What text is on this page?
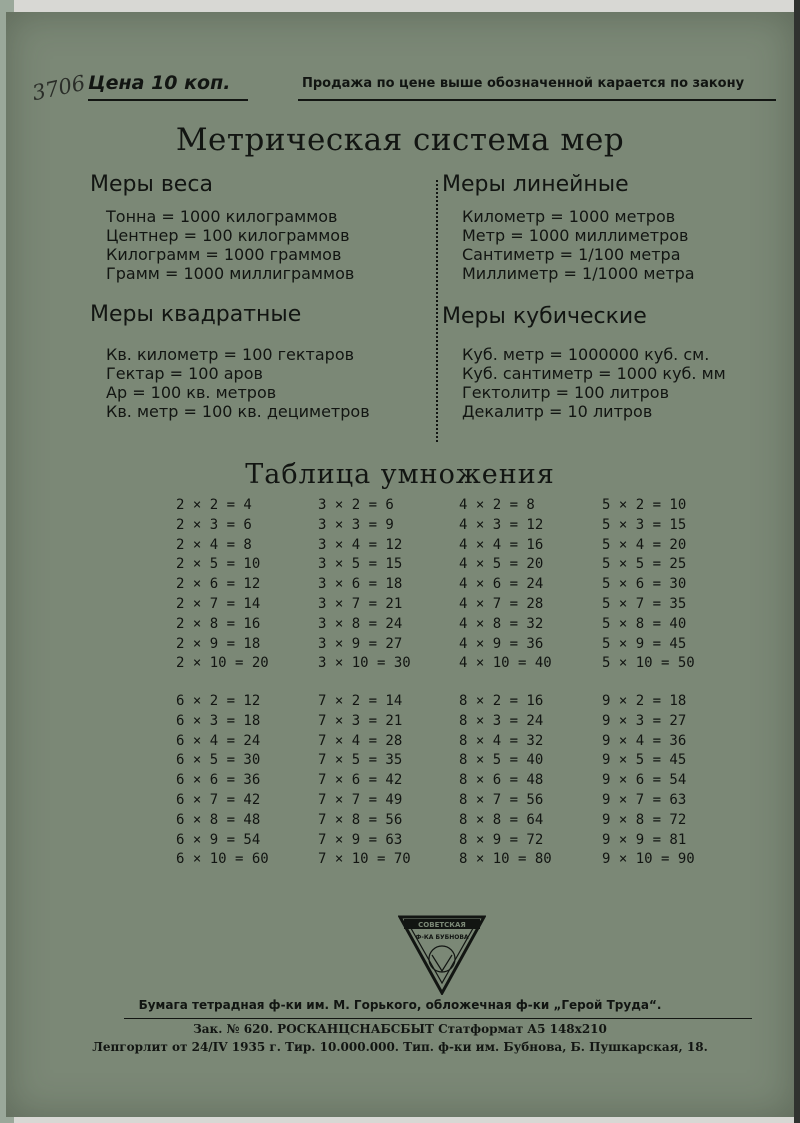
3706 Цена 10 коп.	Продажа по цене выше обозначенной карается по закону
Метрическая система мер
Меры веса
Тонна = 1000 килограммов
Центнер = 100 килограммов
Килограмм = 1000 граммов
Грамм = 1000 миллиграммов
Меры линейные
Километр = 1000 метров
Метр = 1000 миллиметров
Сантиметр = 1/100 метра
Миллиметр = 1/1000 метра
Меры квадратные
Кв. километр = 100 гектаров
Гектар = 100 аров
Ар = 100 кв. метров
Кв. метр = 100 кв. дециметров
Меры кубические
Куб. метр = 1000000 куб. см.
Куб. сантиметр = 1000 куб. мм
Гектолитр = 100 литров
Декалитр = 10 литров
Таблица умножения
2 × 2 = 4
2 × 3 = 6
2 × 4 = 8
2 × 5 = 10
2 × 6 = 12
2 × 7 = 14
2 × 8 = 16
2 × 9 = 18
2 × 10 = 20
3 × 2 = 6
3 × 3 = 9
3 × 4 = 12
3 × 5 = 15
3 × 6 = 18
3 × 7 = 21
3 × 8 = 24
3 × 9 = 27
3 × 10 = 30
4 × 2 = 8
4 × 3 = 12
4 × 4 = 16
4 × 5 = 20
4 × 6 = 24
4 × 7 = 28
4 × 8 = 32
4 × 9 = 36
4 × 10 = 40
5 × 2 = 10
5 × 3 = 15
5 × 4 = 20
5 × 5 = 25
5 × 6 = 30
5 × 7 = 35
5 × 8 = 40
5 × 9 = 45
5 × 10 = 50
6 × 2 = 12
6 × 3 = 18
6 × 4 = 24
6 × 5 = 30
6 × 6 = 36
6 × 7 = 42
6 × 8 = 48
6 × 9 = 54
6 × 10 = 60
7 × 2 = 14
7 × 3 = 21
7 × 4 = 28
7 × 5 = 35
7 × 6 = 42
7 × 7 = 49
7 × 8 = 56
7 × 9 = 63
7 × 10 = 70
8 × 2 = 16
8 × 3 = 24
8 × 4 = 32
8 × 5 = 40
8 × 6 = 48
8 × 7 = 56
8 × 8 = 64
8 × 9 = 72
8 × 10 = 80
9 × 2 = 18
9 × 3 = 27
9 × 4 = 36
9 × 5 = 45
9 × 6 = 54
9 × 7 = 63
9 × 8 = 72
9 × 9 = 81
9 × 10 = 90
СОВЕТСКАЯ
Ф-КА БУБНОВА
Бумага тетрадная ф-ки им. М. Горького, обложечная ф-ки „Герой Труда“.
Зак. № 620. РОСКАНЦСНАБСБЫТ Статформат А5 148х210
Лепгорлит от 24/IV 1935 г. Тир. 10.000.000. Тип. ф-ки им. Бубнова, Б. Пушкарская, 18.
